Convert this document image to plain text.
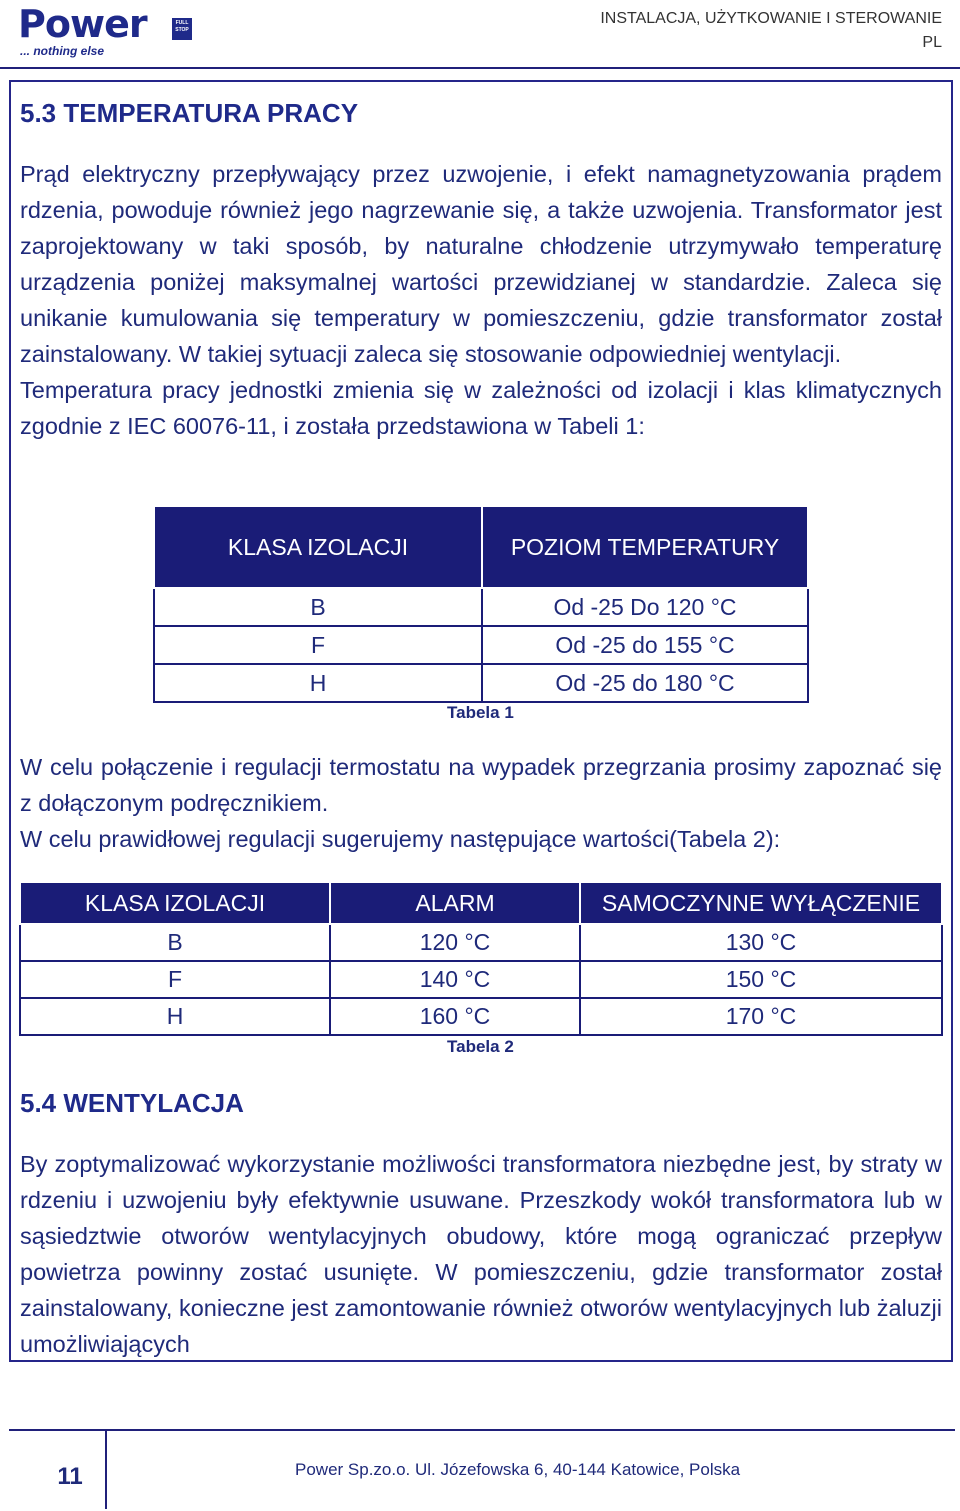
Power	FULL STOP
... nothing else
INSTALACJA, UŻYTKOWANIE I STEROWANIE
PL
5.3 TEMPERATURA PRACY

Prąd elektryczny przepływający przez uzwojenie, i efekt namagnetyzowania prądem rdzenia, powoduje również jego nagrzewanie się, a także uzwojenia. Transformator jest zaprojektowany w taki sposób, by naturalne chłodzenie utrzymywało temperaturę urządzenia poniżej maksymalnej wartości przewidzianej w standardzie. Zaleca się unikanie kumulowania się temperatury w pomieszczeniu, gdzie transformator został zainstalowany. W takiej sytuacji zaleca się stosowanie odpowiedniej wentylacji.

Temperatura pracy jednostki zmienia się w zależności od izolacji i klas klimatycznych zgodnie z IEC 60076-11, i została przedstawiona w Tabeli 1:

KLASA IZOLACJI	POZIOM TEMPERATURY
B	Od -25 Do 120 °C
F	Od -25 do 155 °C
H	Od -25 do 180 °C
Tabela 1

W celu połączenie i regulacji termostatu na wypadek przegrzania prosimy zapoznać się z dołączonym podręcznikiem.

W celu prawidłowej regulacji sugerujemy następujące wartości(Tabela 2):

KLASA IZOLACJI	ALARM	SAMOCZYNNE WYŁĄCZENIE
B	120 °C	130 °C
F	140 °C	150 °C
H	160 °C	170 °C
Tabela 2
5.4 WENTYLACJA

By zoptymalizować wykorzystanie możliwości transformatora niezbędne jest, by straty w rdzeniu i uzwojeniu były efektywnie usuwane. Przeszkody wokół transformatora lub w sąsiedztwie otworów wentylacyjnych obudowy, które mogą ograniczać przepływ powietrza powinny zostać usunięte. W pomieszczeniu, gdzie transformator został zainstalowany, konieczne jest zamontowanie również otworów wentylacyjnych lub żaluzji umożliwiających

11	Power Sp.zo.o. Ul. Józefowska 6, 40-144 Katowice, Polska
